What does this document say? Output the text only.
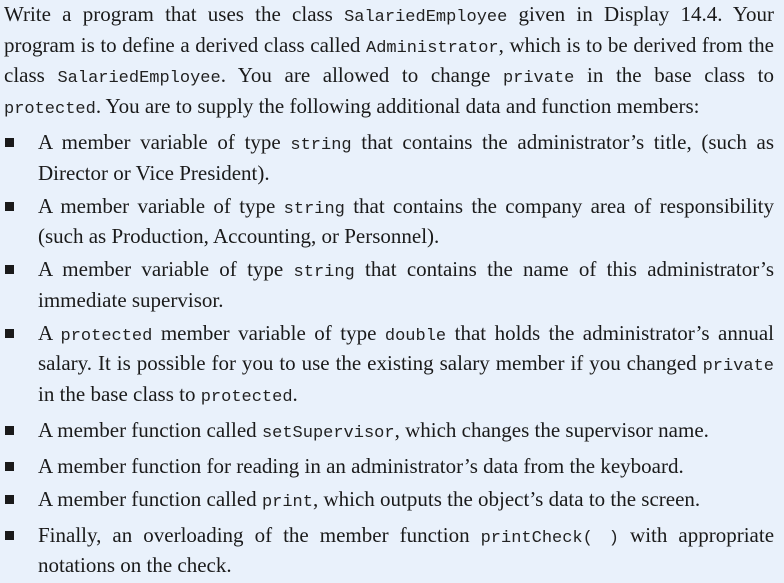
Write a program that uses the class SalariedEmployee given in Display 14.4. Your program is to define a derived class called Administrator, which is to be derived from the class SalariedEmployee. You are allowed to change private in the base class to protected. You are to supply the following additional data and function members:

A member variable of type string that contains the administrator’s title, (such as Director or Vice President).
A member variable of type string that contains the company area of responsibility (such as Production, Accounting, or Personnel).
A member variable of type string that contains the name of this administrator’s immediate supervisor.
A protected member variable of type double that holds the administrator’s annual salary. It is possible for you to use the existing salary member if you changed private in the base class to protected.
A member function called setSupervisor, which changes the supervisor name.
A member function for reading in an administrator’s data from the keyboard.
A member function called print, which outputs the object’s data to the screen.
Finally, an overloading of the member function printCheck( ) with appropriate notations on the check.
